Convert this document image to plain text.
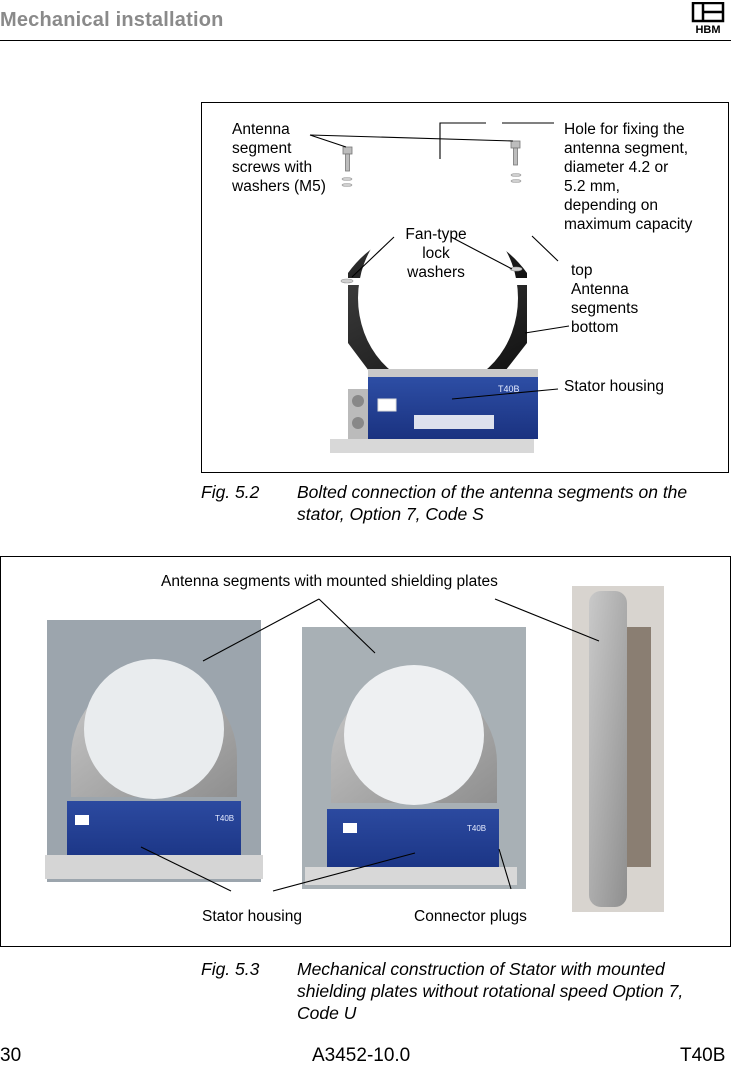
Mechanical installation	HBM
T40B
Antenna
segment
screws with
washers (M5)
Hole for fixing the
antenna segment,
diameter 4.2 or
5.2 mm,
depending on
maximum capacity
Fan-type
lock
washers	top
Antenna
segments
bottom
Stator housing
Fig. 5.2 Bolted connection of the antenna segments on the stator, Option 7, Code S
T40B
T40B
Antenna segments with mounted shielding plates
Stator housing	Connector plugs
Fig. 5.3 Mechanical construction of Stator with mounted shielding plates without rotational speed Option 7, Code U
30	A3452-10.0	T40B
